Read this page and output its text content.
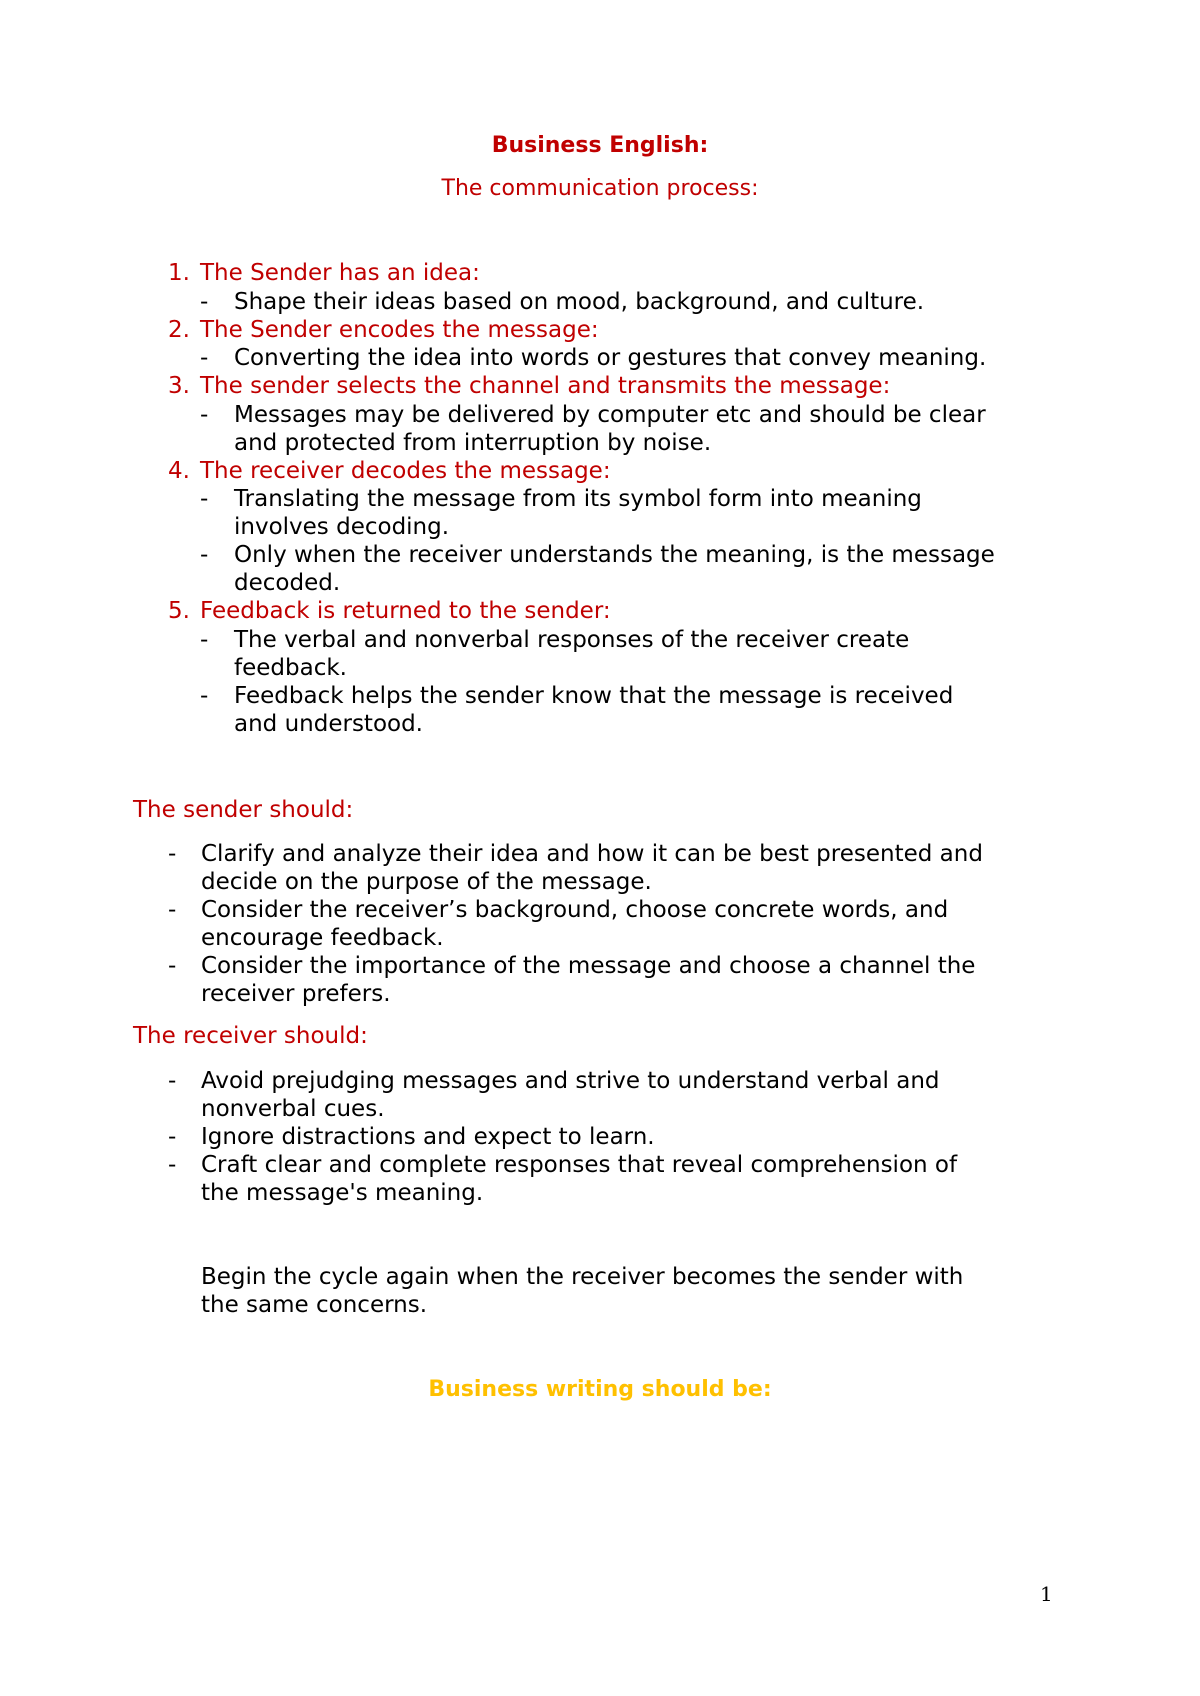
Business English:
The communication process:
1. The Sender has an idea:
- Shape their ideas based on mood, background, and culture.
2. The Sender encodes the message:
- Converting the idea into words or gestures that convey meaning.
3. The sender selects the channel and transmits the message:
- Messages may be delivered by computer etc and should be clear
and protected from interruption by noise.
4. The receiver decodes the message:
- Translating the message from its symbol form into meaning
involves decoding.
- Only when the receiver understands the meaning, is the message
decoded.
5. Feedback is returned to the sender:
- The verbal and nonverbal responses of the receiver create
feedback.
- Feedback helps the sender know that the message is received
and understood.
The sender should:
- Clarify and analyze their idea and how it can be best presented and
decide on the purpose of the message.
- Consider the receiver’s background, choose concrete words, and
encourage feedback.
- Consider the importance of the message and choose a channel the
receiver prefers.
The receiver should:
- Avoid prejudging messages and strive to understand verbal and
nonverbal cues.
- Ignore distractions and expect to learn.
- Craft clear and complete responses that reveal comprehension of
the message's meaning.
Begin the cycle again when the receiver becomes the sender with
the same concerns.
Business writing should be:
1
